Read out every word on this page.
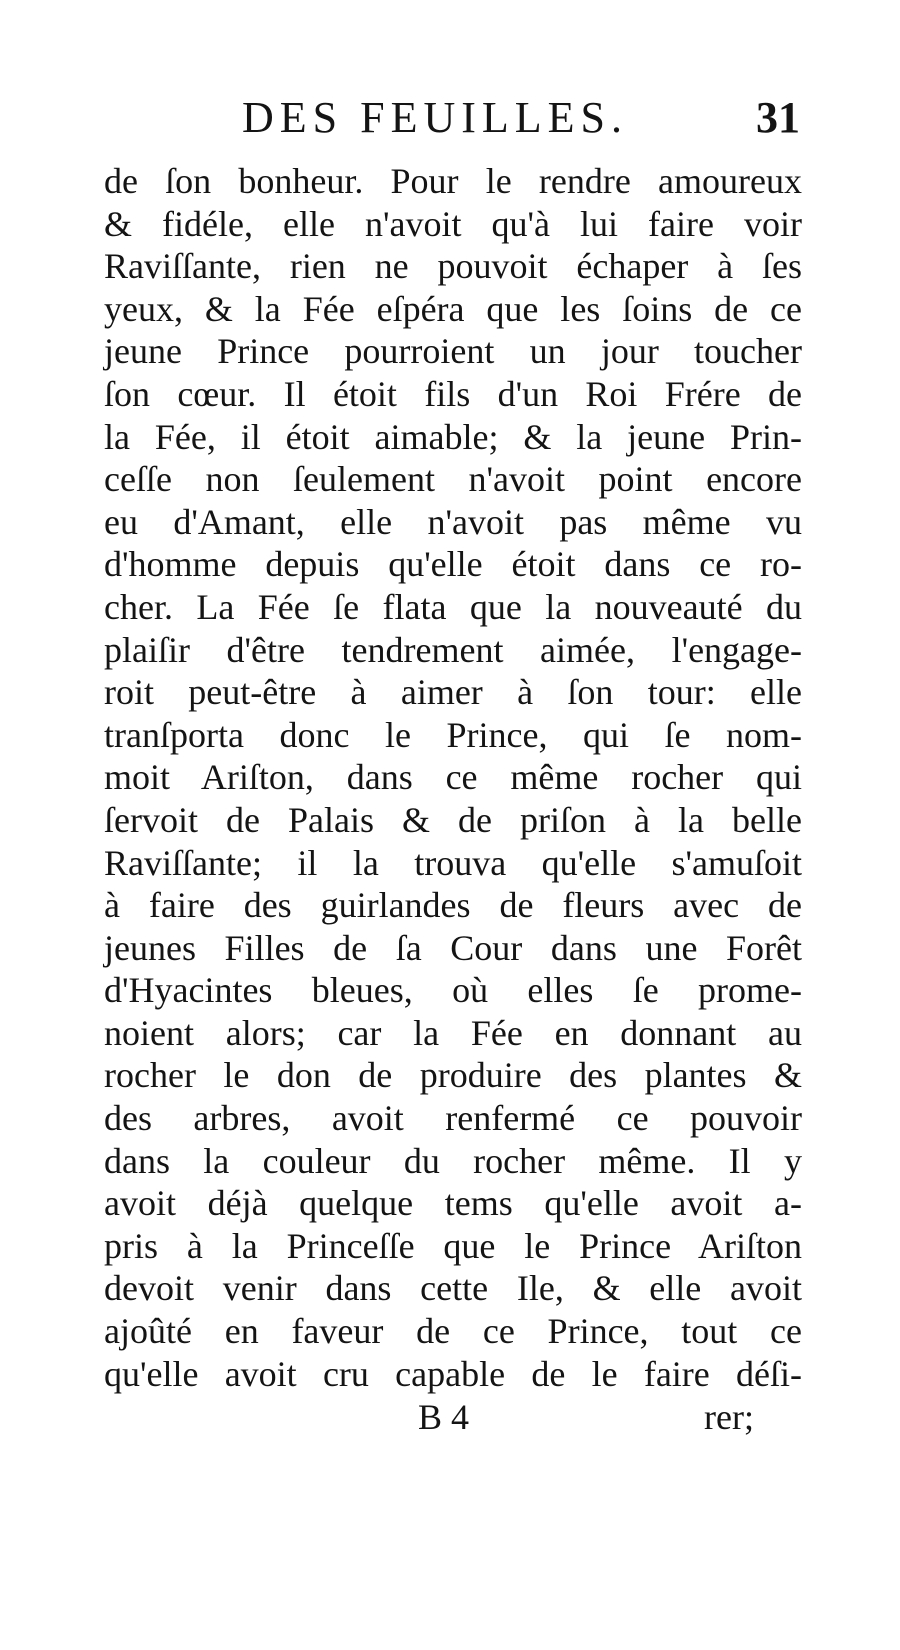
DES FEUILLES.	31
de ſon bonheur. Pour le rendre amoureux
& fidéle, elle n'avoit qu'à lui faire voir
Raviſſante, rien ne pouvoit échaper à ſes
yeux, & la Fée eſpéra que les ſoins de ce
jeune Prince pourroient un jour toucher
ſon cœur. Il étoit fils d'un Roi Frére de
la Fée, il étoit aimable; & la jeune Prin-
ceſſe non ſeulement n'avoit point encore
eu d'Amant, elle n'avoit pas même vu
d'homme depuis qu'elle étoit dans ce ro-
cher. La Fée ſe flata que la nouveauté du
plaiſir d'être tendrement aimée, l'engage-
roit peut-être à aimer à ſon tour: elle
tranſporta donc le Prince, qui ſe nom-
moit Ariſton, dans ce même rocher qui
ſervoit de Palais & de priſon à la belle
Raviſſante; il la trouva qu'elle s'amuſoit
à faire des guirlandes de fleurs avec de
jeunes Filles de ſa Cour dans une Forêt
d'Hyacintes bleues, où elles ſe prome-
noient alors; car la Fée en donnant au
rocher le don de produire des plantes &
des arbres, avoit renfermé ce pouvoir
dans la couleur du rocher même. Il y
avoit déjà quelque tems qu'elle avoit a-
pris à la Princeſſe que le Prince Ariſton
devoit venir dans cette Ile, & elle avoit
ajoûté en faveur de ce Prince, tout ce
qu'elle avoit cru capable de le faire déſi-
B 4	rer;
